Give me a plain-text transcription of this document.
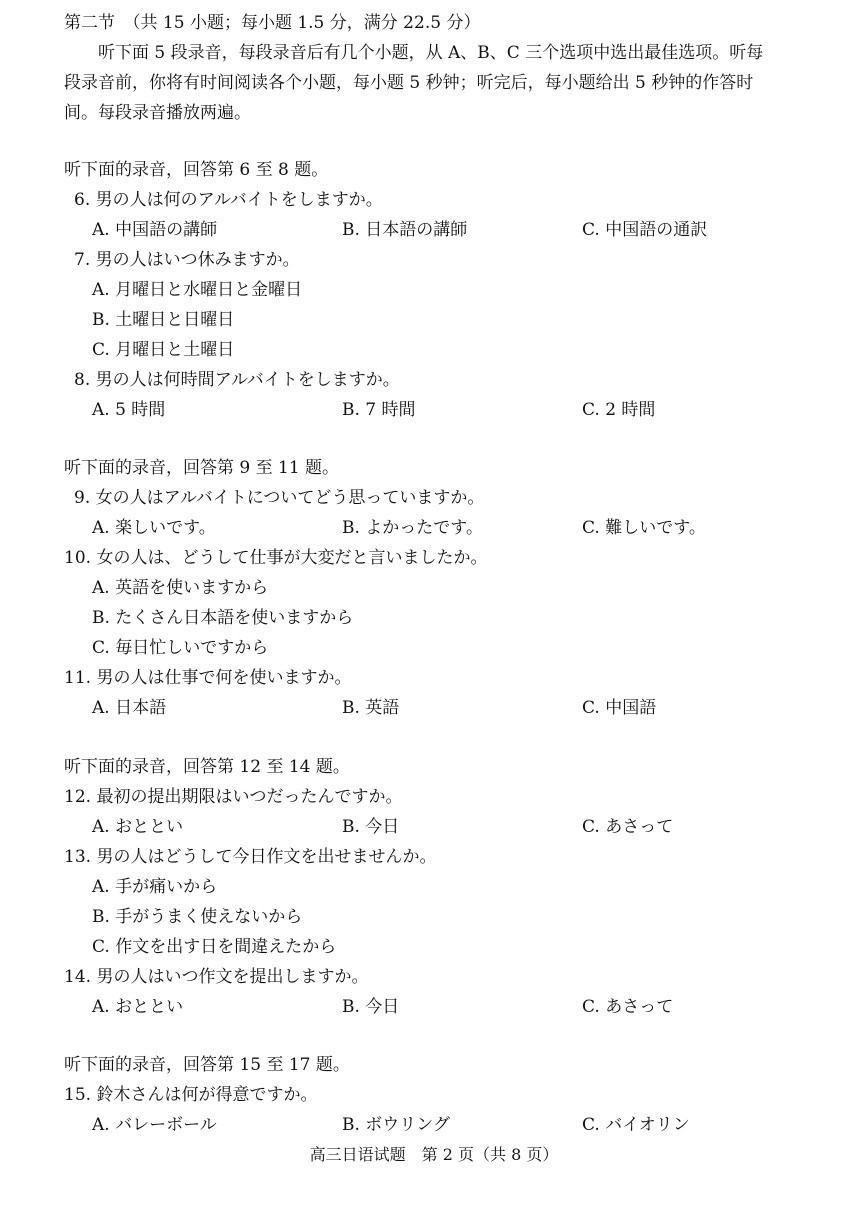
第二节　（共 15 小题；每小题 1.5 分，满分 22.5 分）
听下面 5 段录音，每段录音后有几个小题，从 A、B、C 三个选项中选出最佳选项。听每
段录音前，你将有时间阅读各个小题，每小题 5 秒钟；听完后，每小题给出 5 秒钟的作答时
间。每段录音播放两遍。
听下面的录音，回答第 6 至 8 题。
6. 男の人は何のアルバイトをしますか。
A. 中国語の講師	B. 日本語の講師	C. 中国語の通訳
7. 男の人はいつ休みますか。
A. 月曜日と水曜日と金曜日
B. 土曜日と日曜日
C. 月曜日と土曜日
8. 男の人は何時間アルバイトをしますか。
A. 5 時間	B. 7 時間	C. 2 時間
听下面的录音，回答第 9 至 11 题。
9. 女の人はアルバイトについてどう思っていますか。
A. 楽しいです。	B. よかったです。	C. 難しいです。
10. 女の人は、どうして仕事が大変だと言いましたか。
A. 英語を使いますから
B. たくさん日本語を使いますから
C. 毎日忙しいですから
11. 男の人は仕事で何を使いますか。
A. 日本語	B. 英語	C. 中国語
听下面的录音，回答第 12 至 14 题。
12. 最初の提出期限はいつだったんですか。
A. おととい	B. 今日	C. あさって
13. 男の人はどうして今日作文を出せませんか。
A. 手が痛いから
B. 手がうまく使えないから
C. 作文を出す日を間違えたから
14. 男の人はいつ作文を提出しますか。
A. おととい	B. 今日	C. あさって
听下面的录音，回答第 15 至 17 题。
15. 鈴木さんは何が得意ですか。
A. バレーボール	B. ボウリング	C. バイオリン
高三日语试题　第 2 页（共 8 页）
